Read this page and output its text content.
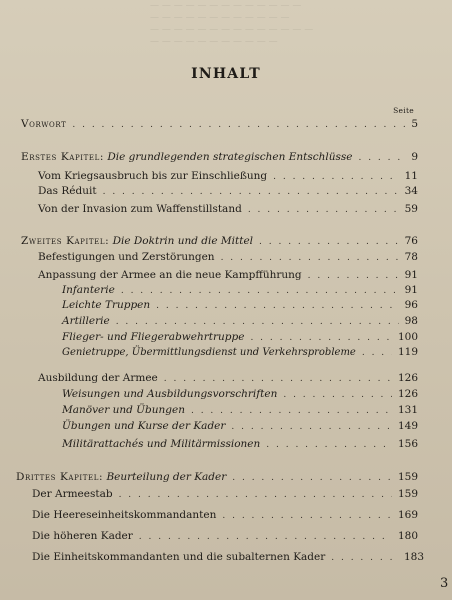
— — — — — — — — — — — — —
— — — — — — — — — — — —
— — — — — — — — — — — — — —
— — — — — — — — — — —
INHALT
Seite
Vorwort . . .	5
Erstes Kapitel: Die grundlegenden strategischen Entschlüsse . . .	9
Vom Kriegsausbruch bis zur Einschließung . . .	11
Das Réduit . . .	34
Von der Invasion zum Waffenstillstand . . .	59
Zweites Kapitel: Die Doktrin und die Mittel . . .	76
Befestigungen und Zerstörungen . . .	78
Anpassung der Armee an die neue Kampfführung . . .	91
Infanterie . . .	91
Leichte Truppen . . .	96
Artillerie . . .	98
Flieger- und Fliegerabwehrtruppe . . .	100
Genietruppe, Übermittlungsdienst und Verkehrsprobleme . . .	119
Ausbildung der Armee . . .	126
Weisungen und Ausbildungsvorschriften . . .	126
Manöver und Übungen . . .	131
Übungen und Kurse der Kader . . .	149
Militärattachés und Militärmissionen . . .	156
Drittes Kapitel: Beurteilung der Kader . . .	159
Der Armeestab . . .	159
Die Heereseinheitskommandanten . . .	169
Die höheren Kader . . .	180
Die Einheitskommandanten und die subalternen Kader . . .	183
3
